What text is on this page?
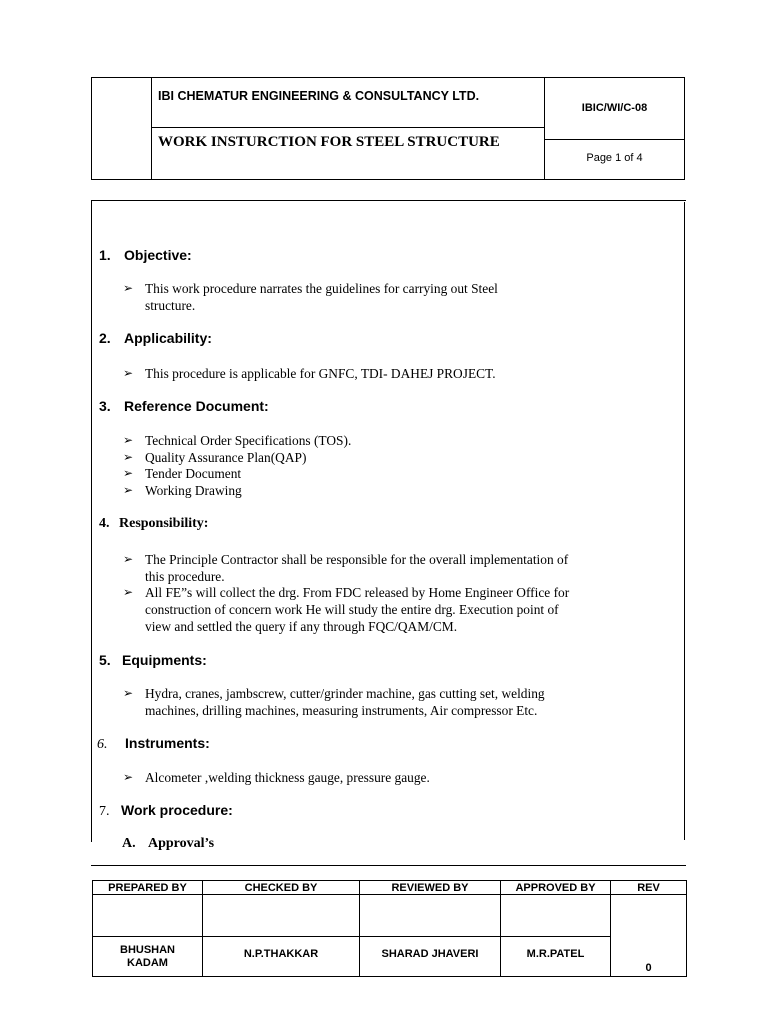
IBI CHEMATUR ENGINEERING & CONSULTANCY LTD.
WORK INSTURCTION FOR STEEL STRUCTURE
IBIC/WI/C-08
Page 1 of 4
1. Objective:
➢ This work procedure narrates the guidelines for carrying out Steel
structure.
2. Applicability:
➢ This procedure is applicable for GNFC, TDI- DAHEJ PROJECT.
3. Reference Document:
➢ Technical Order Specifications (TOS).
➢ Quality Assurance Plan(QAP)
➢ Tender Document
➢ Working Drawing
4. Responsibility:
➢ The Principle Contractor shall be responsible for the overall implementation of
this procedure.
➢ All FE”s will collect the drg. From FDC released by Home Engineer Office for
construction of concern work He will study the entire drg. Execution point of
view and settled the query if any through FQC/QAM/CM.
5. Equipments:
➢ Hydra, cranes, jambscrew, cutter/grinder machine, gas cutting set, welding
machines, drilling machines, measuring instruments, Air compressor Etc.
6. Instruments:
➢ Alcometer ,welding thickness gauge, pressure gauge.
7. Work procedure:
A. Approval’s
PREPARED BY	CHECKED BY	REVIEWED BY	APPROVED BY	REV

BHUSHAN KADAM	N.P.THAKKAR	SHARAD JHAVERI	M.R.PATEL	0
